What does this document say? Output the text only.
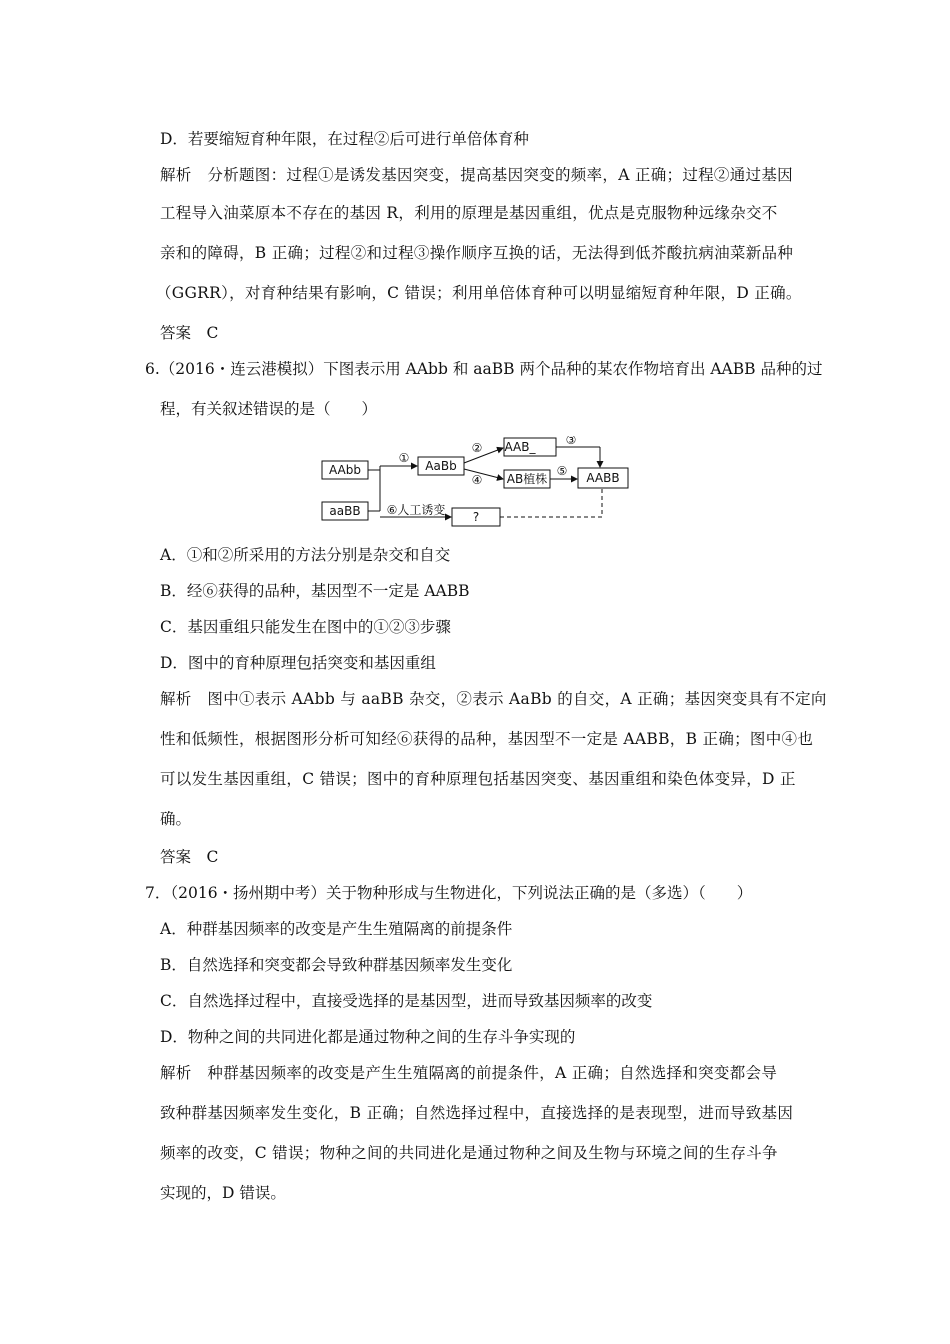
D．若要缩短育种年限，在过程②后可进行单倍体育种
解析　分析题图：过程①是诱发基因突变，提高基因突变的频率，A 正确；过程②通过基因
工程导入油菜原本不存在的基因 R，利用的原理是基因重组，优点是克服物种远缘杂交不
亲和的障碍，B 正确；过程②和过程③操作顺序互换的话，无法得到低芥酸抗病油菜新品种
（GGRR），对育种结果有影响，C 错误；利用单倍体育种可以明显缩短育种年限，D 正确。
答案　C
6.（2016・连云港模拟）下图表示用 AAbb 和 aaBB 两个品种的某农作物培育出 AABB 品种的过
程，有关叙述错误的是（　　）
AAbb
aaBB
AaBb
AAB_
AB植株	AABB
?
①
②
④
③
⑤
⑥人工诱变
A．①和②所采用的方法分别是杂交和自交
B．经⑥获得的品种，基因型不一定是 AABB
C．基因重组只能发生在图中的①②③步骤
D．图中的育种原理包括突变和基因重组
解析　图中①表示 AAbb 与 aaBB 杂交，②表示 AaBb 的自交，A 正确；基因突变具有不定向
性和低频性，根据图形分析可知经⑥获得的品种，基因型不一定是 AABB，B 正确；图中④也
可以发生基因重组，C 错误；图中的育种原理包括基因突变、基因重组和染色体变异，D 正
确。
答案　C
7．（2016・扬州期中考）关于物种形成与生物进化，下列说法正确的是（多选）（　　）
A．种群基因频率的改变是产生生殖隔离的前提条件
B．自然选择和突变都会导致种群基因频率发生变化
C．自然选择过程中，直接受选择的是基因型，进而导致基因频率的改变
D．物种之间的共同进化都是通过物种之间的生存斗争实现的
解析　种群基因频率的改变是产生生殖隔离的前提条件，A 正确；自然选择和突变都会导
致种群基因频率发生变化，B 正确；自然选择过程中，直接选择的是表现型，进而导致基因
频率的改变，C 错误；物种之间的共同进化是通过物种之间及生物与环境之间的生存斗争
实现的，D 错误。
